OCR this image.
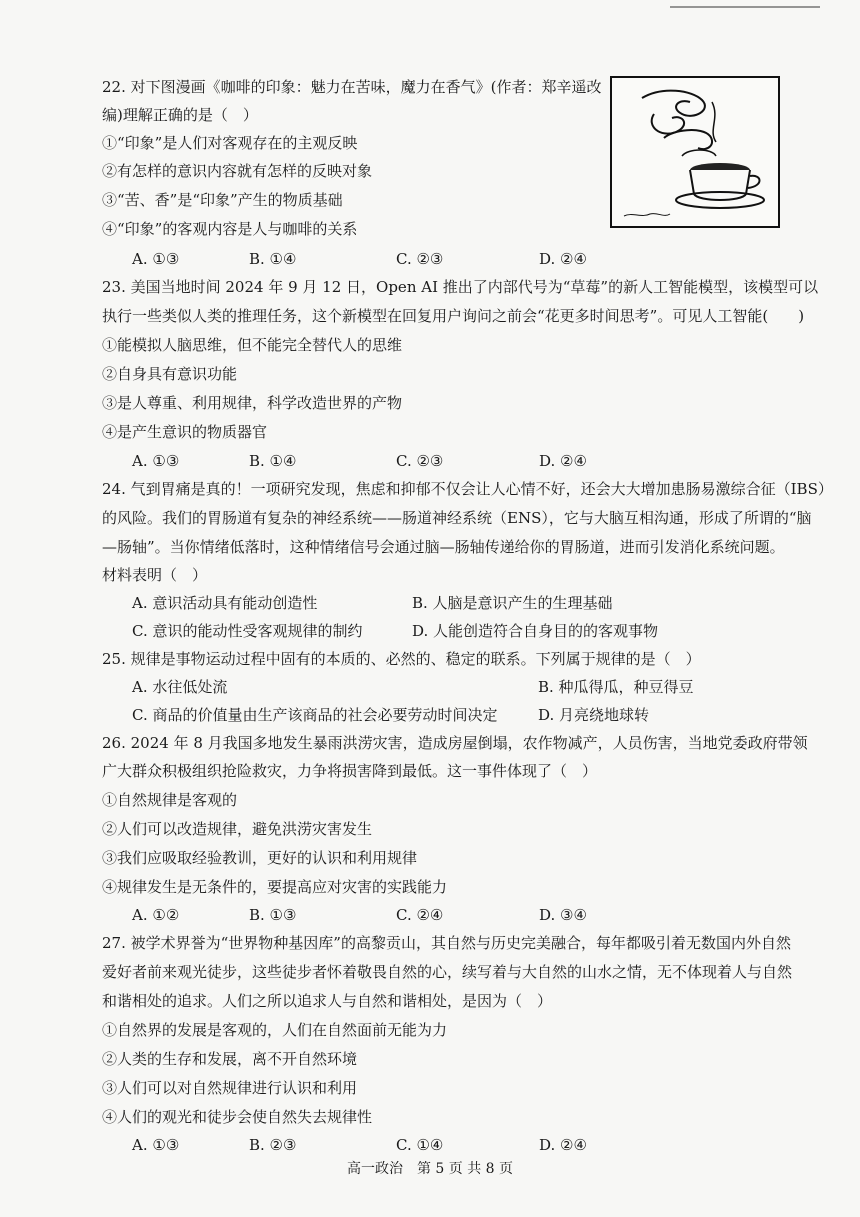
22. 对下图漫画《咖啡的印象：魅力在苦味，魔力在香气》(作者：郑辛遥改
编)理解正确的是（　）
①“印象”是人们对客观存在的主观反映
②有怎样的意识内容就有怎样的反映对象
③“苦、香”是“印象”产生的物质基础
④“印象”的客观内容是人与咖啡的关系
A. ①③	B. ①④	C. ②③	D. ②④
23. 美国当地时间 2024 年 9 月 12 日，Open AI 推出了内部代号为“草莓”的新人工智能模型，该模型可以
执行一些类似人类的推理任务，这个新模型在回复用户询问之前会“花更多时间思考”。可见人工智能(　　)
①能模拟人脑思维，但不能完全替代人的思维
②自身具有意识功能
③是人尊重、利用规律，科学改造世界的产物
④是产生意识的物质器官
A. ①③	B. ①④	C. ②③	D. ②④
24. 气到胃痛是真的！一项研究发现，焦虑和抑郁不仅会让人心情不好，还会大大增加患肠易激综合征（IBS）
的风险。我们的胃肠道有复杂的神经系统——肠道神经系统（ENS），它与大脑互相沟通，形成了所谓的“脑
—肠轴”。当你情绪低落时，这种情绪信号会通过脑—肠轴传递给你的胃肠道，进而引发消化系统问题。
材料表明（　）
A. 意识活动具有能动创造性	B. 人脑是意识产生的生理基础
C. 意识的能动性受客观规律的制约	D. 人能创造符合自身目的的客观事物
25. 规律是事物运动过程中固有的本质的、必然的、稳定的联系。下列属于规律的是（　）
A. 水往低处流	B. 种瓜得瓜，种豆得豆
C. 商品的价值量由生产该商品的社会必要劳动时间决定	D. 月亮绕地球转
26. 2024 年 8 月我国多地发生暴雨洪涝灾害，造成房屋倒塌，农作物减产，人员伤害，当地党委政府带领
广大群众积极组织抢险救灾，力争将损害降到最低。这一事件体现了（　）
①自然规律是客观的
②人们可以改造规律，避免洪涝灾害发生
③我们应吸取经验教训，更好的认识和利用规律
④规律发生是无条件的，要提高应对灾害的实践能力
A. ①②	B. ①③	C. ②④	D. ③④
27. 被学术界誉为“世界物种基因库”的高黎贡山，其自然与历史完美融合，每年都吸引着无数国内外自然
爱好者前来观光徒步，这些徒步者怀着敬畏自然的心，续写着与大自然的山水之情，无不体现着人与自然
和谐相处的追求。人们之所以追求人与自然和谐相处，是因为（　）
①自然界的发展是客观的，人们在自然面前无能为力
②人类的生存和发展，离不开自然环境
③人们可以对自然规律进行认识和利用
④人们的观光和徒步会使自然失去规律性
A. ①③	B. ②③	C. ①④	D. ②④
高一政治　第 5 页 共 8 页
